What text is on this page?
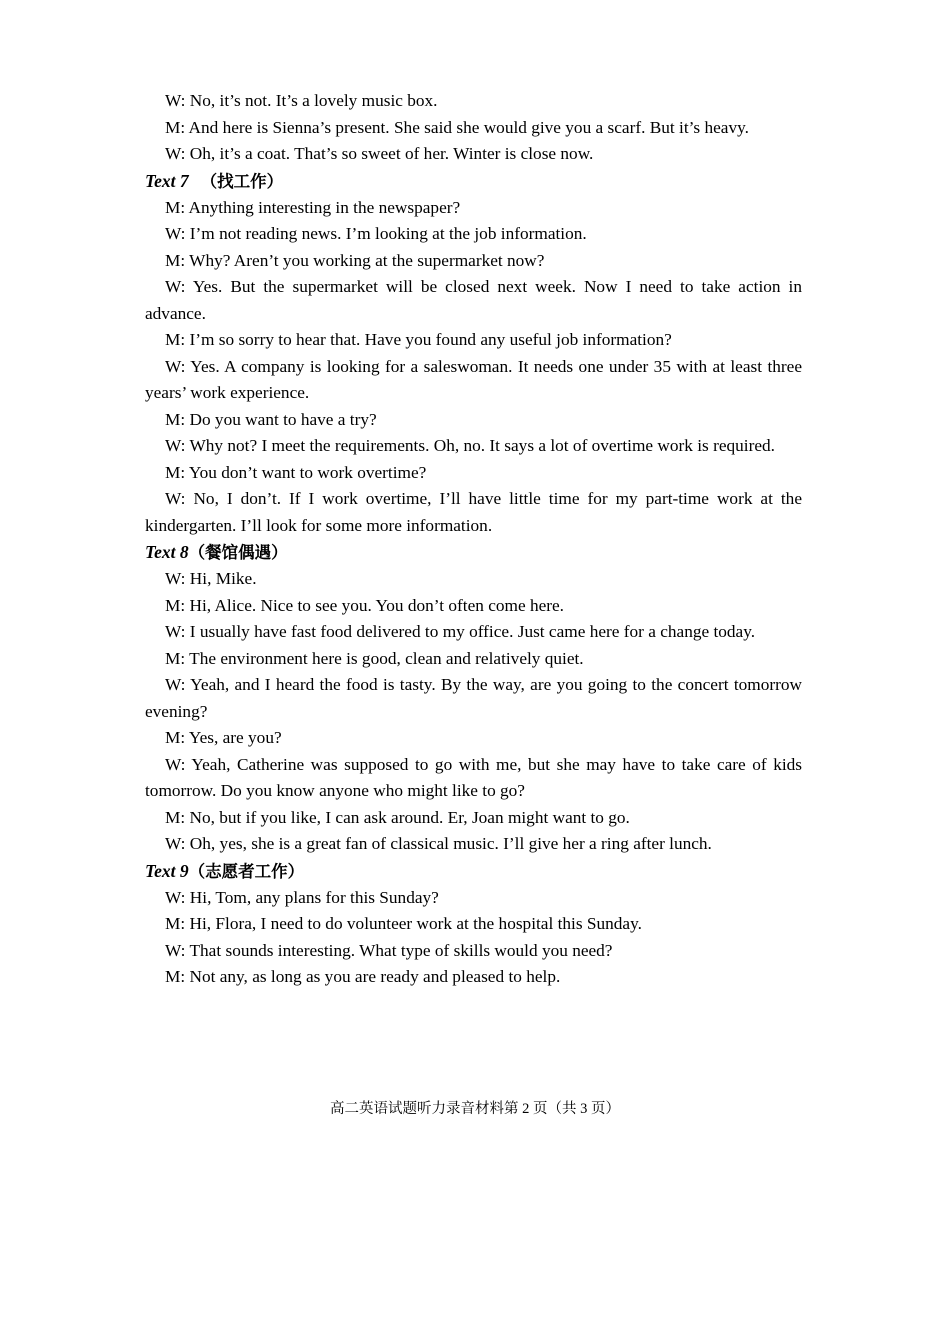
W: No, it’s not. It’s a lovely music box.

M: And here is Sienna’s present. She said she would give you a scarf. But it’s heavy.

W: Oh, it’s a coat. That’s so sweet of her. Winter is close now.

Text 7 （找工作）

M: Anything interesting in the newspaper?

W: I’m not reading news. I’m looking at the job information.

M: Why? Aren’t you working at the supermarket now?

W: Yes. But the supermarket will be closed next week. Now I need to take action in advance.

M: I’m so sorry to hear that. Have you found any useful job information?

W: Yes. A company is looking for a saleswoman. It needs one under 35 with at least three years’ work experience.

M: Do you want to have a try?

W: Why not? I meet the requirements. Oh, no. It says a lot of overtime work is required.

M: You don’t want to work overtime?

W: No, I don’t. If I work overtime, I’ll have little time for my part-time work at the kindergarten. I’ll look for some more information.

Text 8（餐馆偶遇）

W: Hi, Mike.

M: Hi, Alice. Nice to see you. You don’t often come here.

W: I usually have fast food delivered to my office. Just came here for a change today.

M: The environment here is good, clean and relatively quiet.

W: Yeah, and I heard the food is tasty. By the way, are you going to the concert tomorrow evening?

M: Yes, are you?

W: Yeah, Catherine was supposed to go with me, but she may have to take care of kids tomorrow. Do you know anyone who might like to go?

M: No, but if you like, I can ask around. Er, Joan might want to go.

W: Oh, yes, she is a great fan of classical music. I’ll give her a ring after lunch.

Text 9（志愿者工作）

W: Hi, Tom, any plans for this Sunday?

M: Hi, Flora, I need to do volunteer work at the hospital this Sunday.

W: That sounds interesting. What type of skills would you need?

M: Not any, as long as you are ready and pleased to help.

高二英语试题听力录音材料第 2 页（共 3 页）
